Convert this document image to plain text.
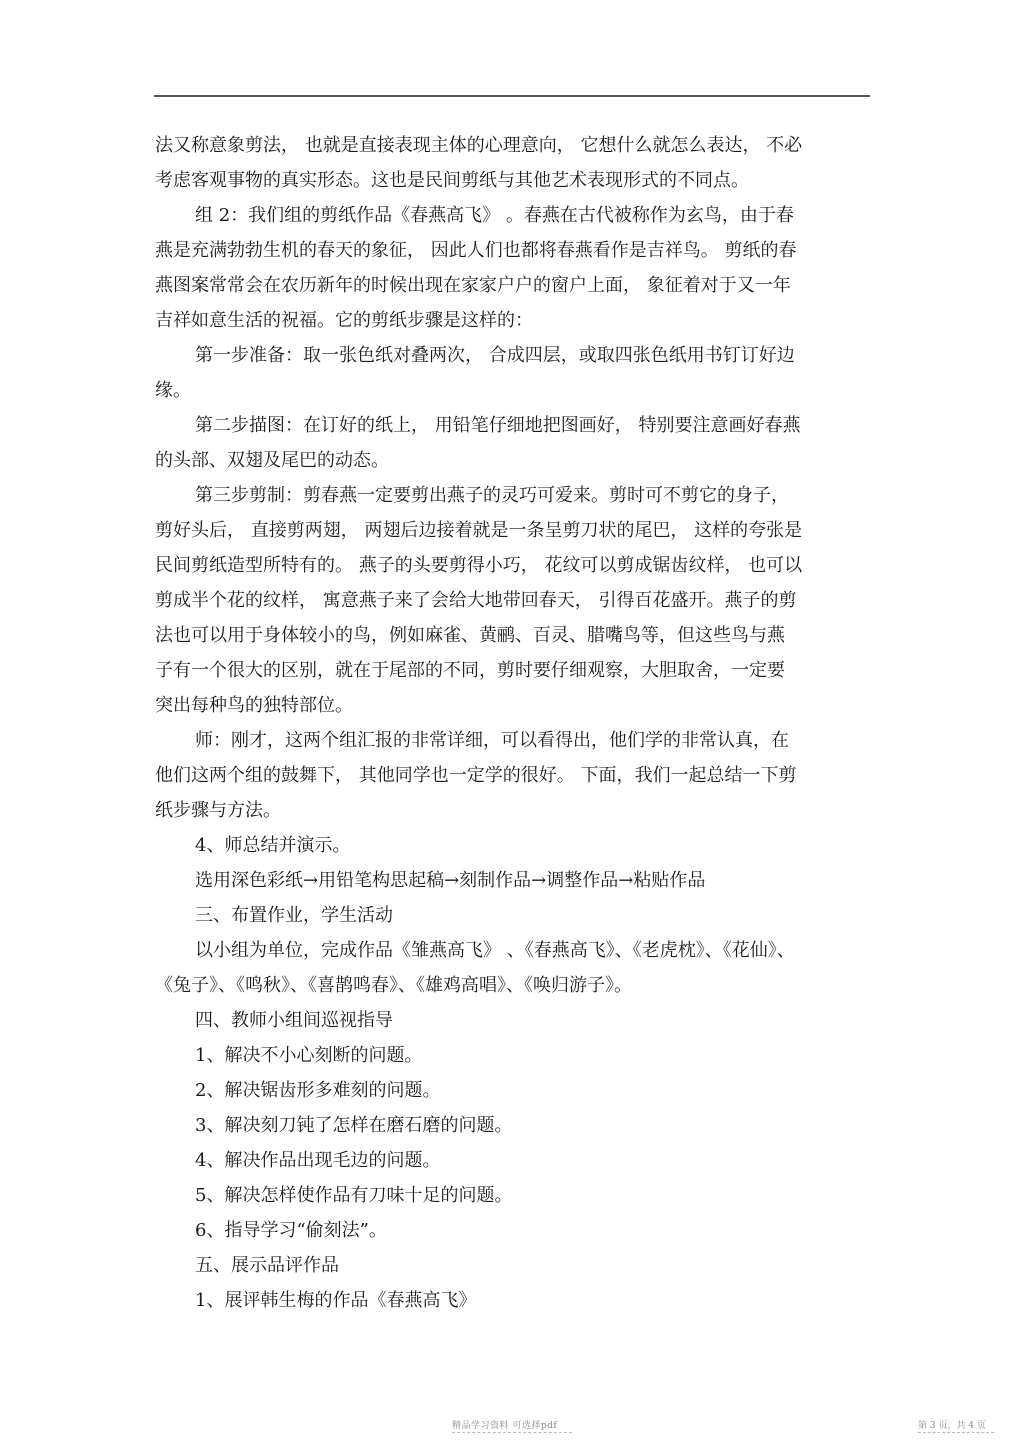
法又称意象剪法， 也就是直接表现主体的心理意向， 它想什么就怎么表达， 不必
考虑客观事物的真实形态。这也是民间剪纸与其他艺术表现形式的不同点。
组 2：我们组的剪纸作品《春燕高飞》 。春燕在古代被称作为玄鸟，由于春
燕是充满勃勃生机的春天的象征， 因此人们也都将春燕看作是吉祥鸟。 剪纸的春
燕图案常常会在农历新年的时候出现在家家户户的窗户上面， 象征着对于又一年
吉祥如意生活的祝福。它的剪纸步骤是这样的：
第一步准备：取一张色纸对叠两次， 合成四层，或取四张色纸用书钉订好边
缘。
第二步描图：在订好的纸上， 用铅笔仔细地把图画好， 特别要注意画好春燕
的头部、双翅及尾巴的动态。
第三步剪制：剪春燕一定要剪出燕子的灵巧可爱来。剪时可不剪它的身子，
剪好头后， 直接剪两翅， 两翅后边接着就是一条呈剪刀状的尾巴， 这样的夸张是
民间剪纸造型所特有的。 燕子的头要剪得小巧， 花纹可以剪成锯齿纹样， 也可以
剪成半个花的纹样， 寓意燕子来了会给大地带回春天， 引得百花盛开。燕子的剪
法也可以用于身体较小的鸟，例如麻雀、黄鹂、百灵、腊嘴鸟等，但这些鸟与燕
子有一个很大的区别，就在于尾部的不同，剪时要仔细观察，大胆取舍，一定要
突出每种鸟的独特部位。
师：刚才，这两个组汇报的非常详细，可以看得出，他们学的非常认真，在
他们这两个组的鼓舞下， 其他同学也一定学的很好。 下面，我们一起总结一下剪
纸步骤与方法。
4、师总结并演示。
选用深色彩纸→用铅笔构思起稿→刻制作品→调整作品→粘贴作品
三、布置作业，学生活动
以小组为单位，完成作品《雏燕高飞》 、《春燕高飞》、《老虎枕》、《花仙》、
《兔子》、《鸣秋》、《喜鹊鸣春》、《雄鸡高唱》、《唤归游子》。
四、教师小组间巡视指导
1、解决不小心刻断的问题。
2、解决锯齿形多难刻的问题。
3、解决刻刀钝了怎样在磨石磨的问题。
4、解决作品出现毛边的问题。
5、解决怎样使作品有刀味十足的问题。
6、指导学习“偷刻法”。
五、展示品评作品
1、展评韩生梅的作品《春燕高飞》
精品学习资料 可选择pdf	第 3 页，共 4 页
